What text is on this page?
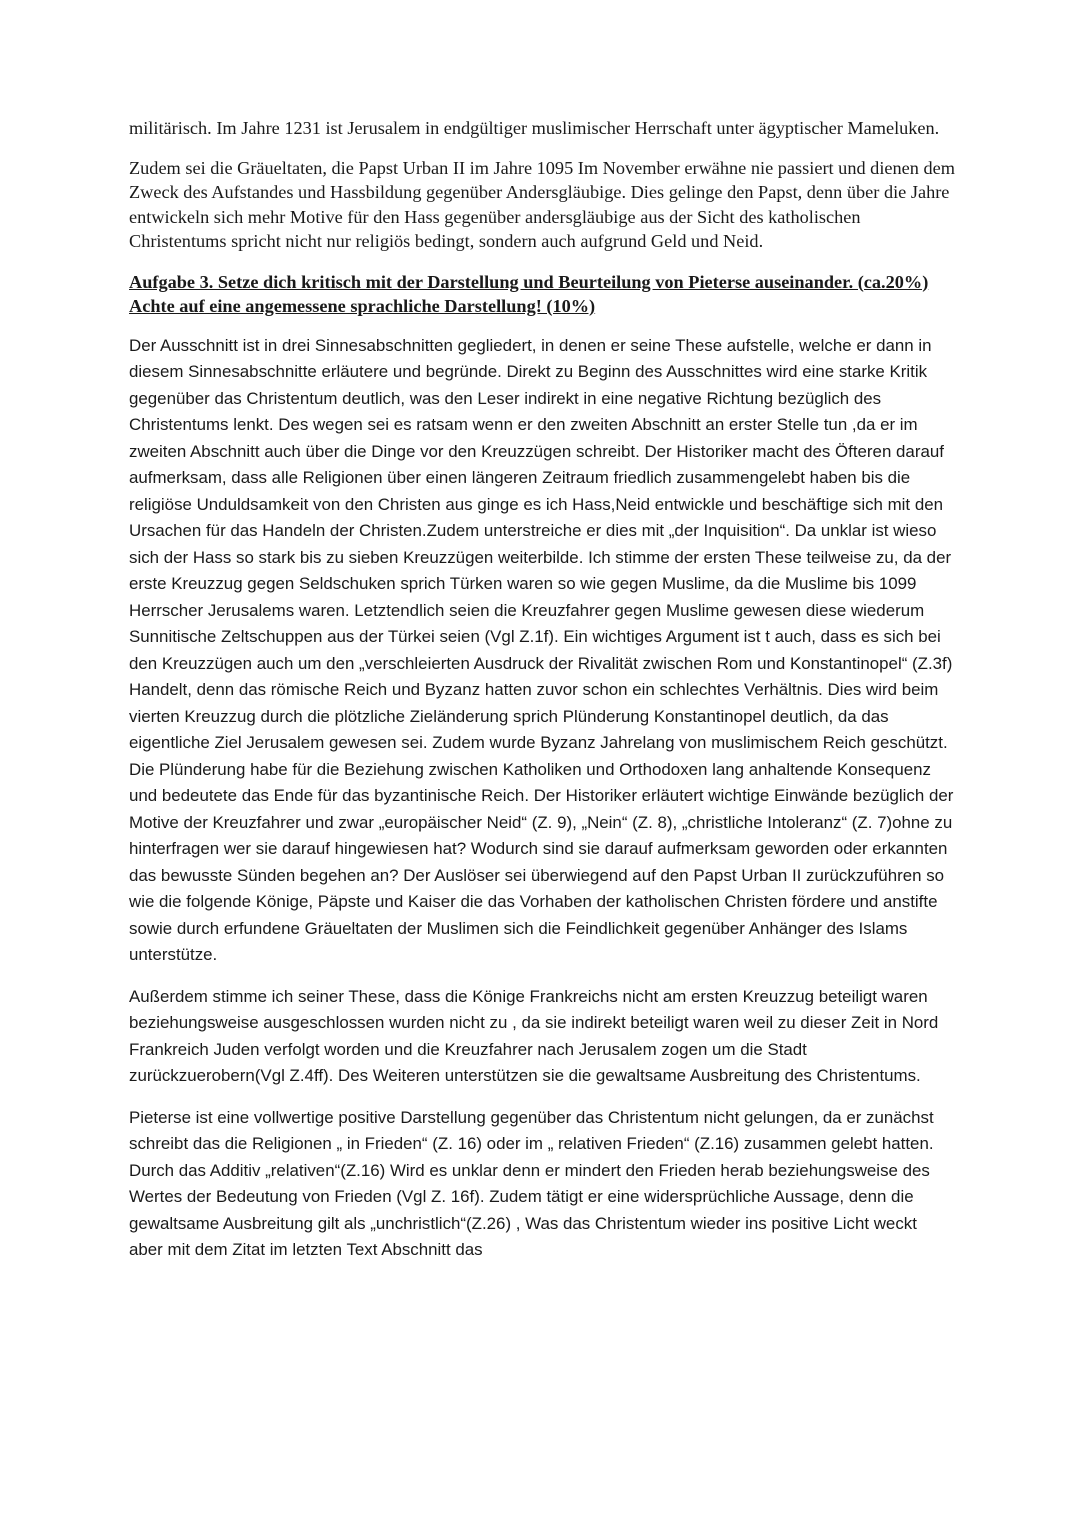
militärisch. Im Jahre 1231 ist Jerusalem in endgültiger muslimischer Herrschaft unter ägyptischer Mameluken.

Zudem sei die Gräueltaten, die Papst Urban II im Jahre 1095 Im November erwähne nie passiert und dienen dem Zweck des Aufstandes und Hassbildung gegenüber Andersgläubige. Dies gelinge den Papst, denn über die Jahre entwickeln sich mehr Motive für den Hass gegenüber andersgläubige aus der Sicht des katholischen Christentums spricht nicht nur religiös bedingt, sondern auch aufgrund Geld und Neid.

Aufgabe 3. Setze dich kritisch mit der Darstellung und Beurteilung von Pieterse auseinander. (ca.20%)
Achte auf eine angemessene sprachliche Darstellung! (10%)

Der Ausschnitt ist in drei Sinnesabschnitten gegliedert, in denen er seine These aufstelle, welche er dann in diesem Sinnesabschnitte erläutere und begründe. Direkt zu Beginn des Ausschnittes wird eine starke Kritik gegenüber das Christentum deutlich, was den Leser indirekt in eine negative Richtung bezüglich des Christentums lenkt. Des wegen sei es ratsam wenn er den zweiten Abschnitt an erster Stelle tun ,da er im zweiten Abschnitt auch über die Dinge vor den Kreuzzügen schreibt. Der Historiker macht des Öfteren darauf aufmerksam, dass alle Religionen über einen längeren Zeitraum friedlich zusammengelebt haben bis die religiöse Unduldsamkeit von den Christen aus ginge es ich Hass,Neid entwickle und beschäftige sich mit den Ursachen für das Handeln der Christen.Zudem unterstreiche er dies mit „der Inquisition“. Da unklar ist wieso sich der Hass so stark bis zu sieben Kreuzzügen weiterbilde. Ich stimme der ersten These teilweise zu, da der erste Kreuzzug gegen Seldschuken sprich Türken waren so wie gegen Muslime, da die Muslime bis 1099 Herrscher Jerusalems waren. Letztendlich seien die Kreuzfahrer gegen Muslime gewesen diese wiederum Sunnitische Zeltschuppen aus der Türkei seien (Vgl Z.1f). Ein wichtiges Argument ist t auch, dass es sich bei den Kreuzzügen auch um den „verschleierten Ausdruck der Rivalität zwischen Rom und Konstantinopel“ (Z.3f) Handelt, denn das römische Reich und Byzanz hatten zuvor schon ein schlechtes Verhältnis. Dies wird beim vierten Kreuzzug durch die plötzliche Zieländerung sprich Plünderung Konstantinopel deutlich, da das eigentliche Ziel Jerusalem gewesen sei. Zudem wurde Byzanz Jahrelang von muslimischem Reich geschützt. Die Plünderung habe für die Beziehung zwischen Katholiken und Orthodoxen lang anhaltende Konsequenz und bedeutete das Ende für das byzantinische Reich. Der Historiker erläutert wichtige Einwände bezüglich der Motive der Kreuzfahrer und zwar „europäischer Neid“ (Z. 9), „Nein“ (Z. 8), „christliche Intoleranz“ (Z. 7)ohne zu hinterfragen wer sie darauf hingewiesen hat? Wodurch sind sie darauf aufmerksam geworden oder erkannten das bewusste Sünden begehen an? Der Auslöser sei überwiegend auf den Papst Urban II zurückzuführen so wie die folgende Könige, Päpste und Kaiser die das Vorhaben der katholischen Christen fördere und anstifte sowie durch erfundene Gräueltaten der Muslimen sich die Feindlichkeit gegenüber Anhänger des Islams unterstütze.

Außerdem stimme ich seiner These, dass die Könige Frankreichs nicht am ersten Kreuzzug beteiligt waren beziehungsweise ausgeschlossen wurden nicht zu , da sie indirekt beteiligt waren weil zu dieser Zeit in Nord Frankreich Juden verfolgt worden und die Kreuzfahrer nach Jerusalem zogen um die Stadt zurückzuerobern(Vgl Z.4ff). Des Weiteren unterstützen sie die gewaltsame Ausbreitung des Christentums.

Pieterse ist eine vollwertige positive Darstellung gegenüber das Christentum nicht gelungen, da er zunächst schreibt das die Religionen „ in Frieden“ (Z. 16) oder im „ relativen Frieden“ (Z.16) zusammen gelebt hatten. Durch das Additiv „relativen“(Z.16) Wird es unklar denn er mindert den Frieden herab beziehungsweise des Wertes der Bedeutung von Frieden (Vgl Z. 16f). Zudem tätigt er eine widersprüchliche Aussage, denn die gewaltsame Ausbreitung gilt als „unchristlich“(Z.26) , Was das Christentum wieder ins positive Licht weckt aber mit dem Zitat im letzten Text Abschnitt das
